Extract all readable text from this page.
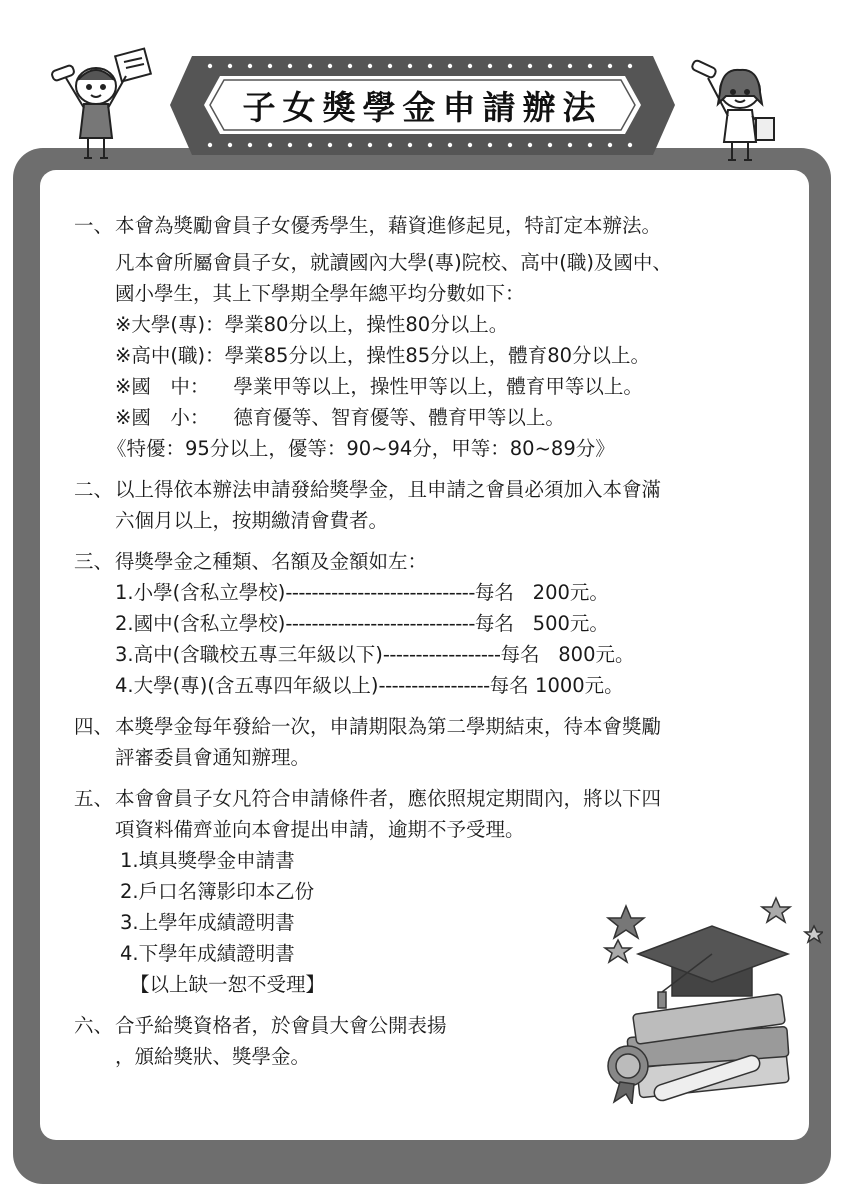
子女獎學金申請辦法
一、 本會為獎勵會員子女優秀學生，藉資進修起見，特訂定本辦法。
凡本會所屬會員子女，就讀國內大學(專)院校、高中(職)及國中、
國小學生，其上下學期全學年總平均分數如下：
※ 大學(專)： 學業80分以上，操性80分以上。
※ 高中(職)： 學業85分以上，操性85分以上，體育80分以上。
※ 國　中：	學業甲等以上，操性甲等以上，體育甲等以上。
※ 國　小：	德育優等、智育優等、體育甲等以上。
《特優：95分以上，優等：90~94分，甲等：80~89分》
二、 以上得依本辦法申請發給獎學金，且申請之會員必須加入本會滿
六個月以上，按期繳清會費者。
三、 得獎學金之種類、名額及金額如左：
1.小學(含私立學校) ----------------------------- 每名 200元。
2.國中(含私立學校) ----------------------------- 每名 500元。
3.高中(含職校五專三年級以下) ------------------ 每名 800元。
4.大學(專)(含五專四年級以上) ----------------- 每名 1000元。
四、 本獎學金每年發給一次，申請期限為第二學期結束，待本會獎勵
評審委員會通知辦理。
五、 本會會員子女凡符合申請條件者，應依照規定期間內，將以下四
項資料備齊並向本會提出申請，逾期不予受理。
1.填具獎學金申請書
2.戶口名簿影印本乙份
3.上學年成績證明書
4.下學年成績證明書
【以上缺一恕不受理】
六、 合乎給獎資格者，於會員大會公開表揚
，頒給獎狀、獎學金。
